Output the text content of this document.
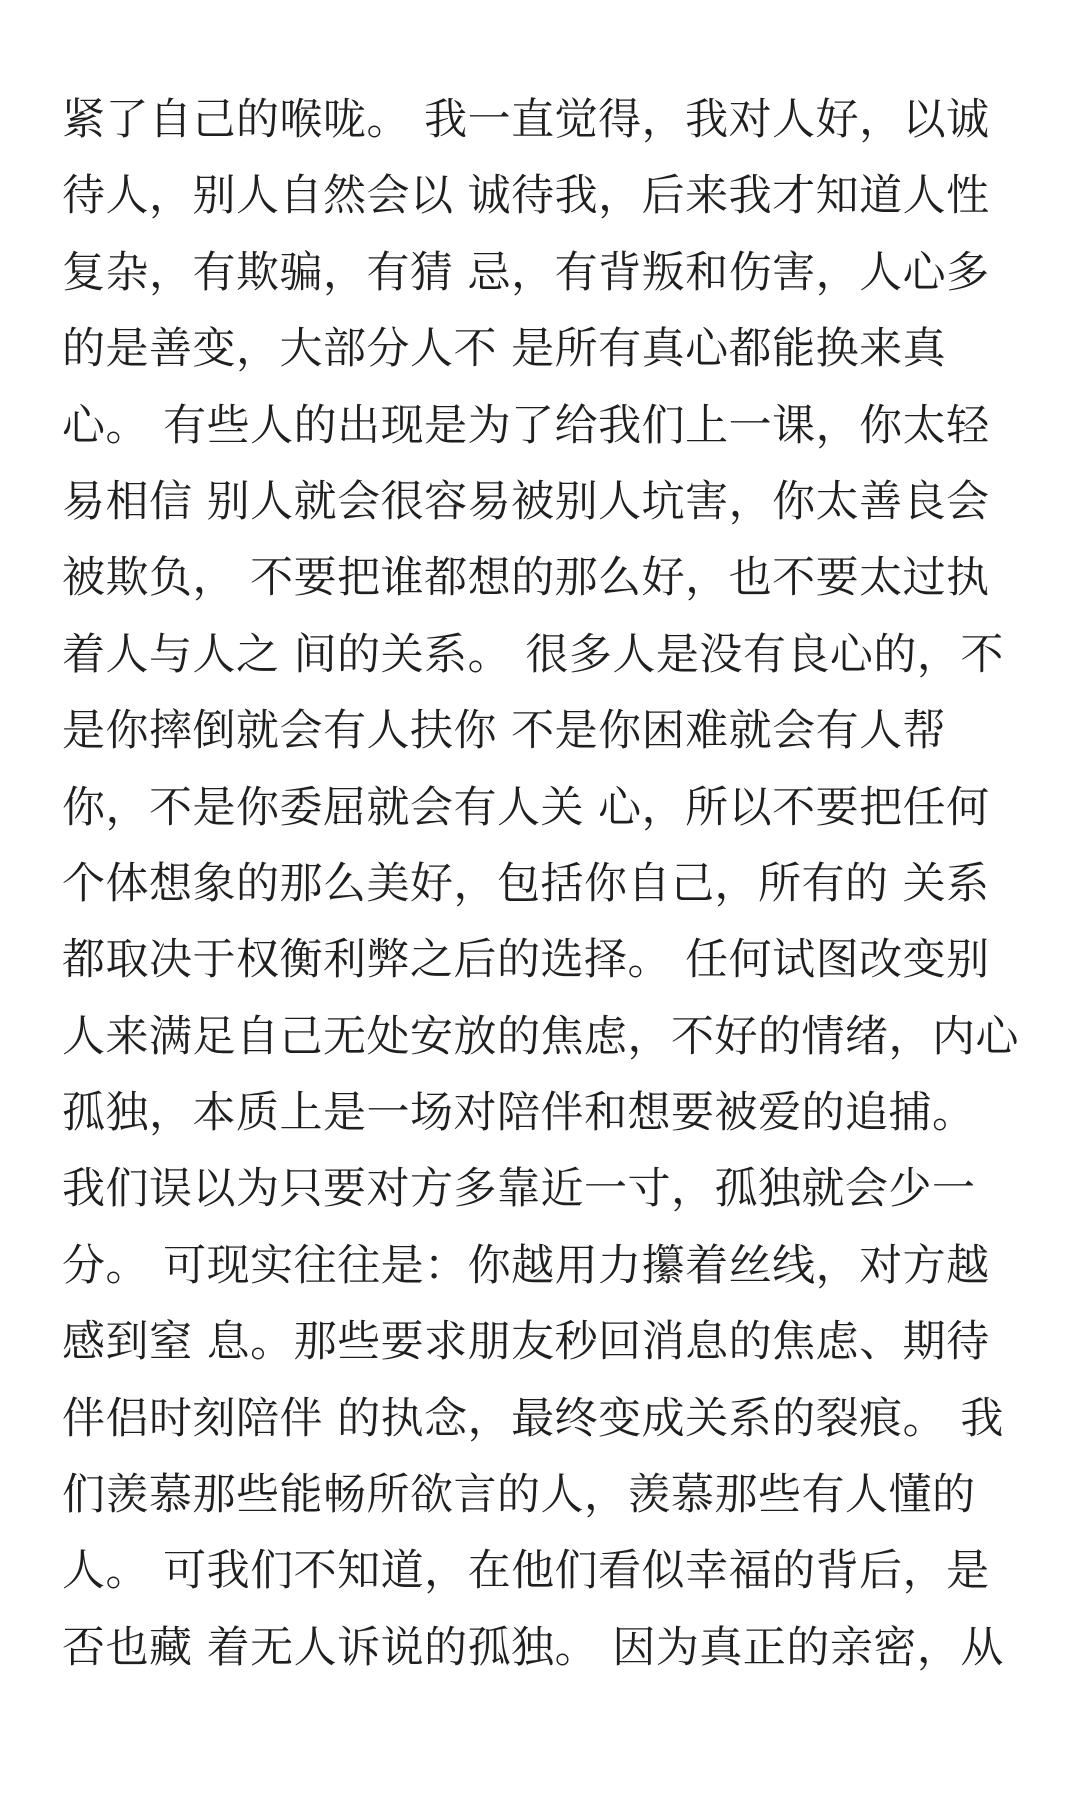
紧了自己的喉咙。 我一直觉得，我对人好，以诚
待人，别人自然会以 诚待我，后来我才知道人性
复杂，有欺骗，有猜 忌，有背叛和伤害，人心多
的是善变，大部分人不 是所有真心都能换来真
心。 有些人的出现是为了给我们上一课，你太轻
易相信 别人就会很容易被别人坑害，你太善良会
被欺负， 不要把谁都想的那么好，也不要太过执
着人与人之 间的关系。 很多人是没有良心的，不
是你摔倒就会有人扶你 不是你困难就会有人帮
你，不是你委屈就会有人关 心，所以不要把任何
个体想象的那么美好，包括你自己，所有的 关系
都取决于权衡利弊之后的选择。 任何试图改变别
人来满足自己无处安放的焦虑，不好的情绪，内心
孤独，本质上是一场对陪伴和想要被爱的追捕。
我们误以为只要对方多靠近一寸，孤独就会少一
分。 可现实往往是：你越用力攥着丝线，对方越
感到窒 息。那些要求朋友秒回消息的焦虑、期待
伴侣时刻陪伴 的执念，最终变成关系的裂痕。 我
们羡慕那些能畅所欲言的人，羡慕那些有人懂的
人。 可我们不知道，在他们看似幸福的背后，是
否也藏 着无人诉说的孤独。 因为真正的亲密，从
